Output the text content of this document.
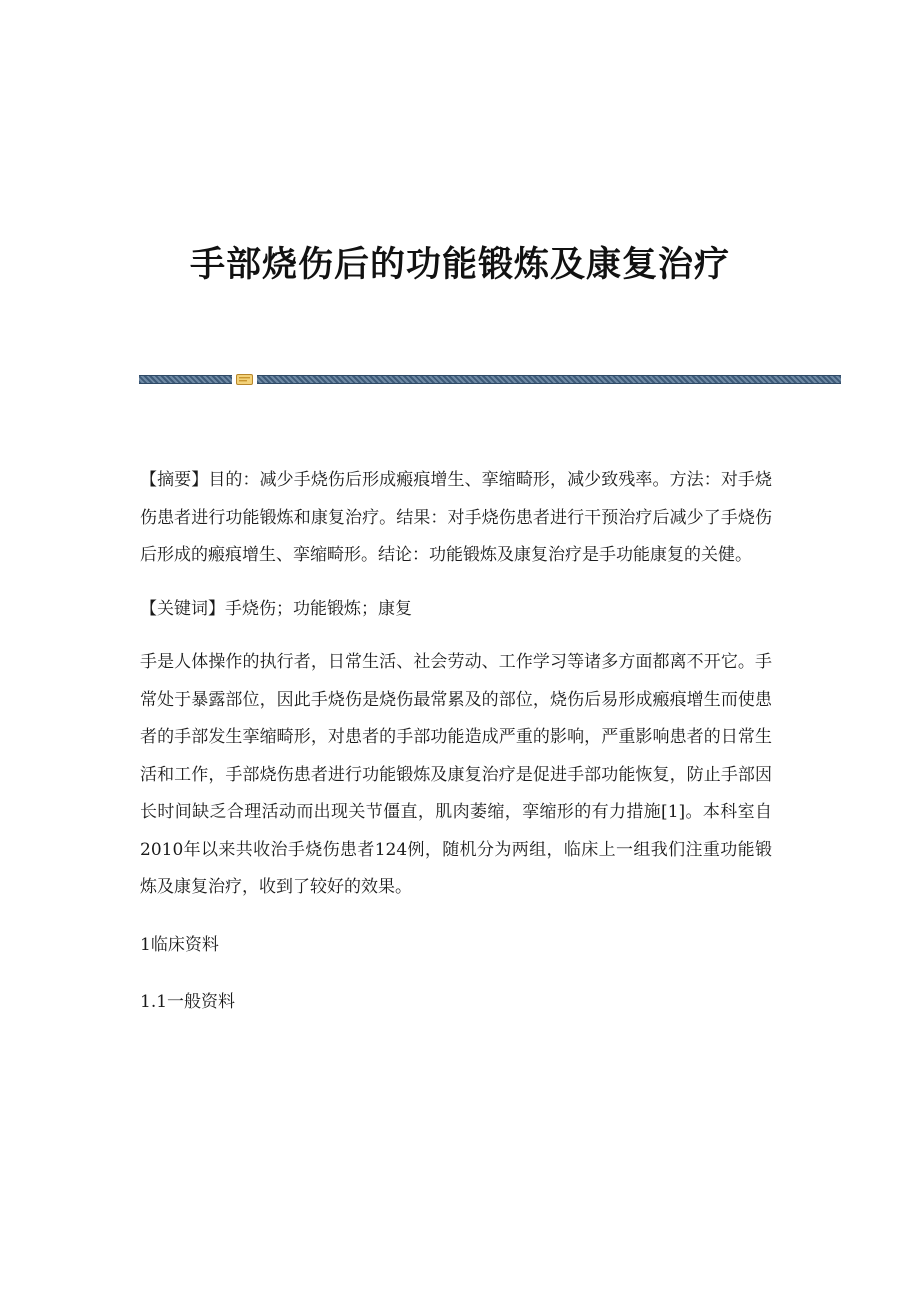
手部烧伤后的功能锻炼及康复治疗

【摘要】目的：减少手烧伤后形成瘢痕增生、挛缩畸形，减少致残率。方法：对手烧伤患者进行功能锻炼和康复治疗。结果：对手烧伤患者进行干预治疗后减少了手烧伤后形成的瘢痕增生、挛缩畸形。结论：功能锻炼及康复治疗是手功能康复的关健。

【关键词】手烧伤；功能锻炼；康复

手是人体操作的执行者，日常生活、社会劳动、工作学习等诸多方面都离不开它。手常处于暴露部位，因此手烧伤是烧伤最常累及的部位，烧伤后易形成瘢痕增生而使患者的手部发生挛缩畸形，对患者的手部功能造成严重的影响，严重影响患者的日常生活和工作，手部烧伤患者进行功能锻炼及康复治疗是促进手部功能恢复，防止手部因长时间缺乏合理活动而出现关节僵直，肌肉萎缩，挛缩形的有力措施[1]。本科室自2010年以来共收治手烧伤患者124例，随机分为两组，临床上一组我们注重功能锻炼及康复治疗，收到了较好的效果。

1临床资料

1.1一般资料
